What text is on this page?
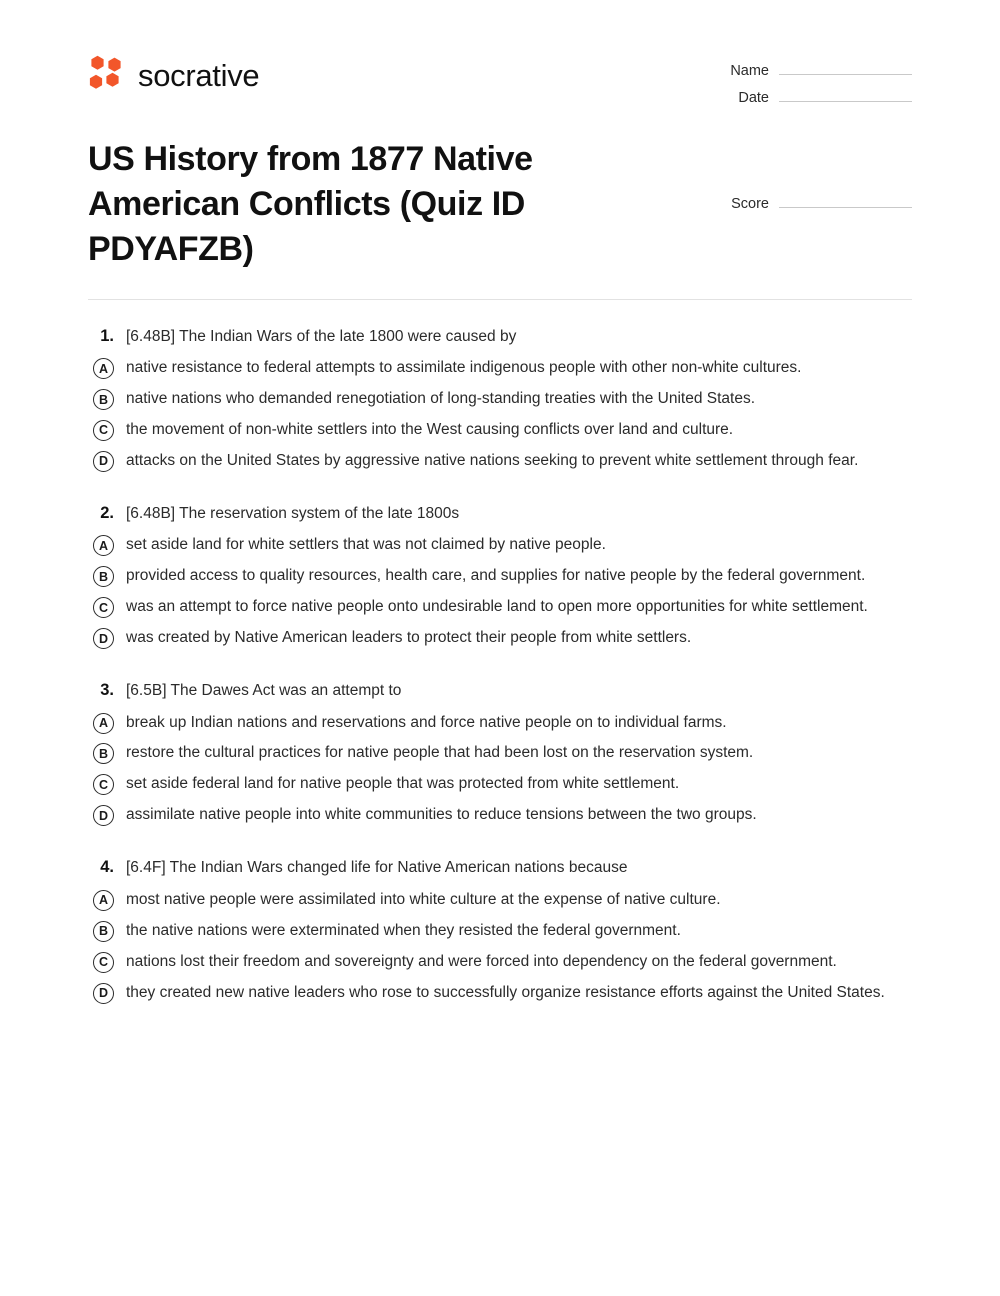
socrative	Name
Date
US History from 1877 Native American Conflicts (Quiz ID PDYAFZB)
Score
1. [6.48B] The Indian Wars of the late 1800 were caused by
A	native resistance to federal attempts to assimilate indigenous people with other non-white cultures.
B	native nations who demanded renegotiation of long-standing treaties with the United States.
C	the movement of non-white settlers into the West causing conflicts over land and culture.
D	attacks on the United States by aggressive native nations seeking to prevent white settlement through fear.
2. [6.48B] The reservation system of the late 1800s
A	set aside land for white settlers that was not claimed by native people.
B	provided access to quality resources, health care, and supplies for native people by the federal government.
C	was an attempt to force native people onto undesirable land to open more opportunities for white settlement.
D	was created by Native American leaders to protect their people from white settlers.
3. [6.5B] The Dawes Act was an attempt to
A	break up Indian nations and reservations and force native people on to individual farms.
B	restore the cultural practices for native people that had been lost on the reservation system.
C	set aside federal land for native people that was protected from white settlement.
D	assimilate native people into white communities to reduce tensions between the two groups.
4. [6.4F] The Indian Wars changed life for Native American nations because
A	most native people were assimilated into white culture at the expense of native culture.
B	the native nations were exterminated when they resisted the federal government.
C	nations lost their freedom and sovereignty and were forced into dependency on the federal government.
D	they created new native leaders who rose to successfully organize resistance efforts against the United States.
